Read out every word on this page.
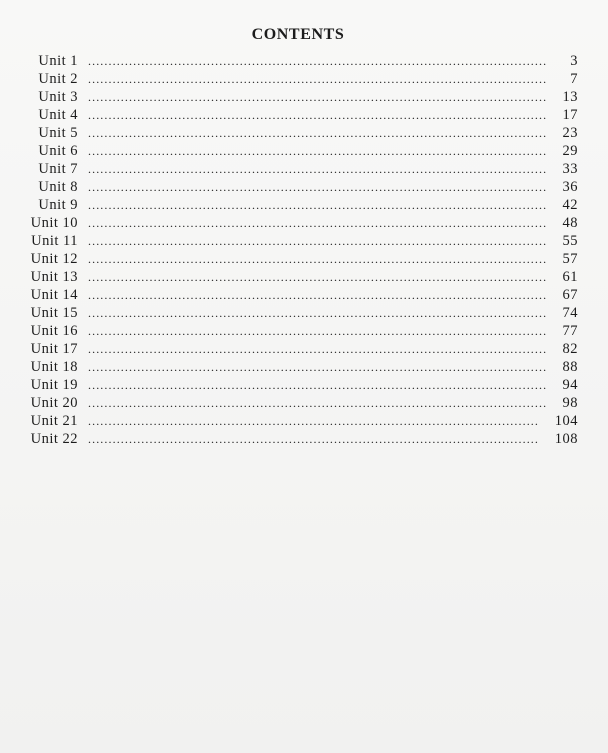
CONTENTS
Unit 1 .....	3
Unit 2 .....	7
Unit 3 .....	13
Unit 4 .....	17
Unit 5 .....	23
Unit 6 .....	29
Unit 7 .....	33
Unit 8 .....	36
Unit 9 .....	42
Unit 10 .....	48
Unit 11 .....	55
Unit 12 .....	57
Unit 13 .....	61
Unit 14 .....	67
Unit 15 .....	74
Unit 16 .....	77
Unit 17 .....	82
Unit 18 .....	88
Unit 19 .....	94
Unit 20 .....	98
Unit 21 .....	104
Unit 22 .....	108
